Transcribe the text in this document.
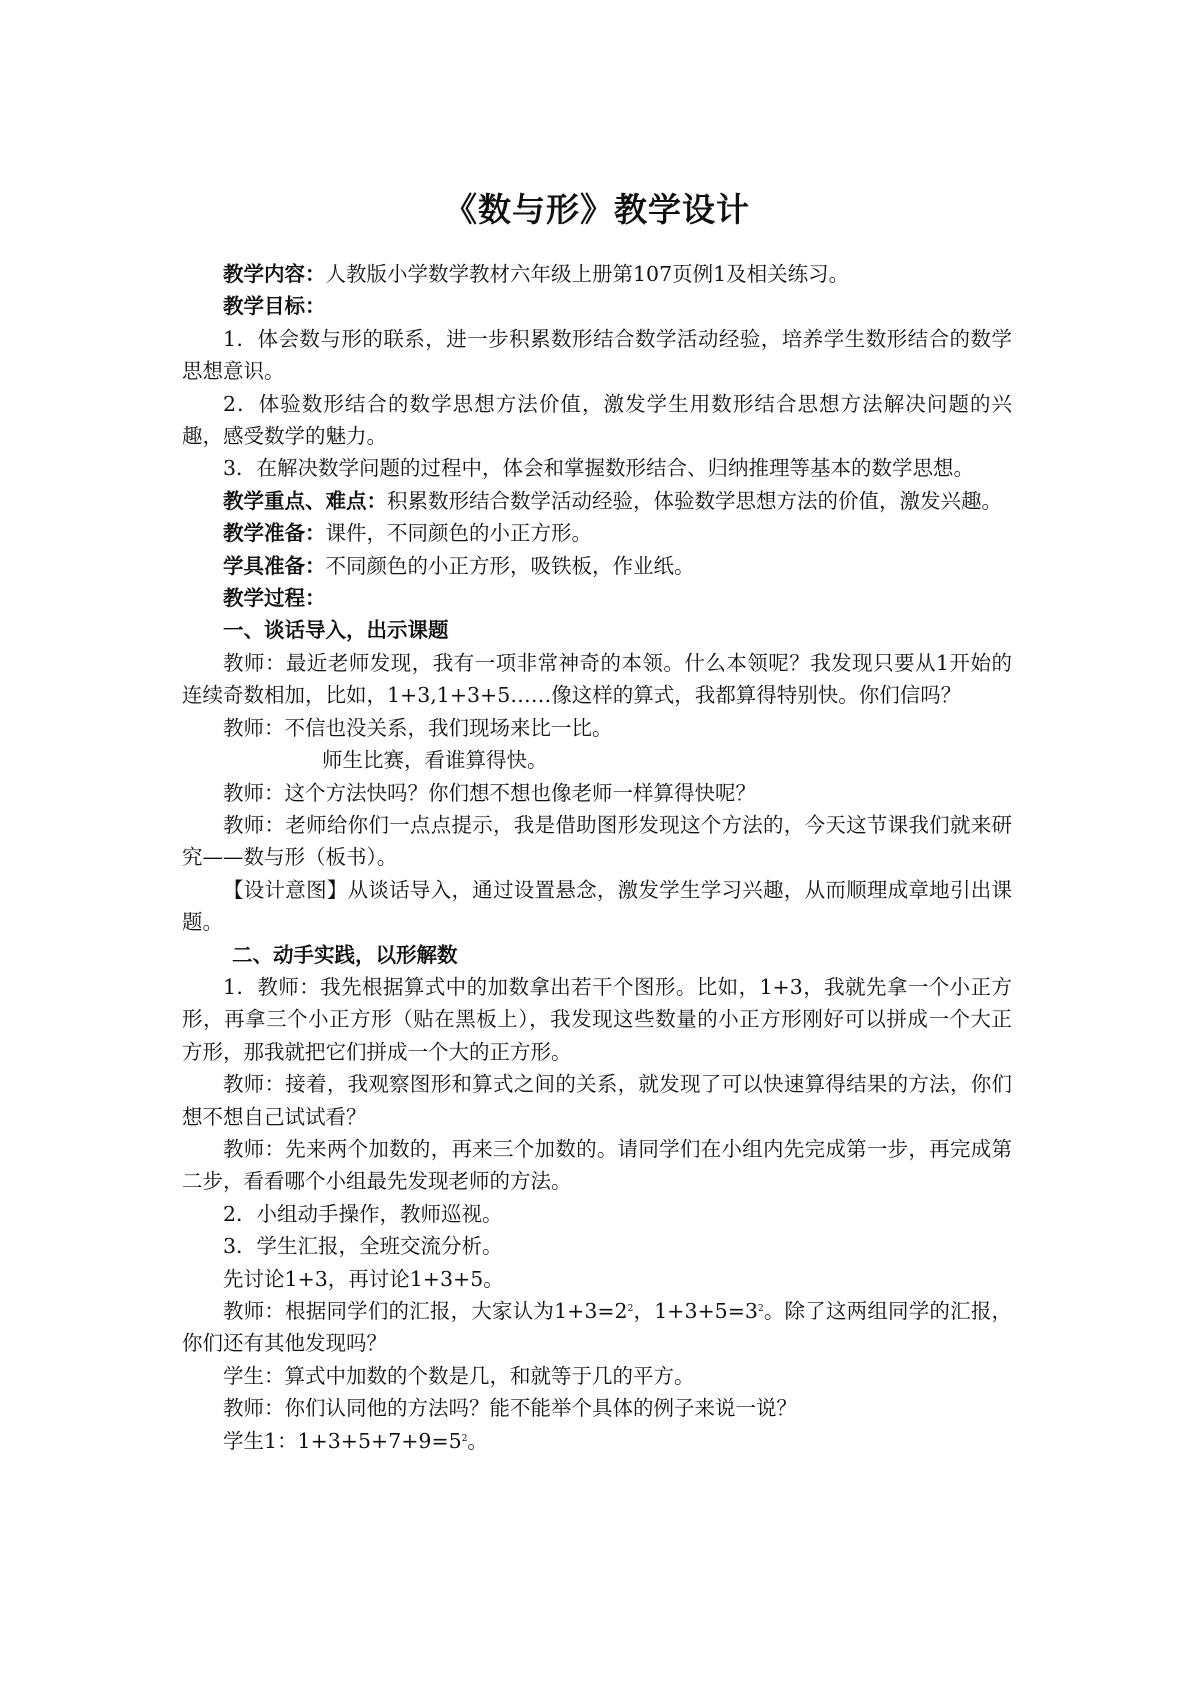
《数与形》教学设计

教学内容：人教版小学数学教材六年级上册第107页例1及相关练习。

教学目标：

1．体会数与形的联系，进一步积累数形结合数学活动经验，培养学生数形结合的数学思想意识。

2．体验数形结合的数学思想方法价值，激发学生用数形结合思想方法解决问题的兴趣，感受数学的魅力。

3．在解决数学问题的过程中，体会和掌握数形结合、归纳推理等基本的数学思想。

教学重点、难点：积累数形结合数学活动经验，体验数学思想方法的价值，激发兴趣。

教学准备：课件，不同颜色的小正方形。

学具准备：不同颜色的小正方形，吸铁板，作业纸。

教学过程：

一、谈话导入，出示课题

教师：最近老师发现，我有一项非常神奇的本领。什么本领呢？我发现只要从1开始的连续奇数相加，比如，1+3,1+3+5……像这样的算式，我都算得特别快。你们信吗？

教师：不信也没关系，我们现场来比一比。

师生比赛，看谁算得快。

教师：这个方法快吗？你们想不想也像老师一样算得快呢？

教师：老师给你们一点点提示，我是借助图形发现这个方法的，今天这节课我们就来研究——数与形（板书）。

【设计意图】从谈话导入，通过设置悬念，激发学生学习兴趣，从而顺理成章地引出课题。

二、动手实践，以形解数

1．教师：我先根据算式中的加数拿出若干个图形。比如，1+3，我就先拿一个小正方形，再拿三个小正方形（贴在黑板上），我发现这些数量的小正方形刚好可以拼成一个大正方形，那我就把它们拼成一个大的正方形。

教师：接着，我观察图形和算式之间的关系，就发现了可以快速算得结果的方法，你们想不想自己试试看？

教师：先来两个加数的，再来三个加数的。请同学们在小组内先完成第一步，再完成第二步，看看哪个小组最先发现老师的方法。

2．小组动手操作，教师巡视。

3．学生汇报，全班交流分析。

先讨论1+3，再讨论1+3+5。

教师：根据同学们的汇报，大家认为$1+3=2^2$，$1+3+5=3^2$。除了这两组同学的汇报，你们还有其他发现吗？

学生：算式中加数的个数是几，和就等于几的平方。

教师：你们认同他的方法吗？能不能举个具体的例子来说一说？

学生1：$1+3+5+7+9=5^2$。
